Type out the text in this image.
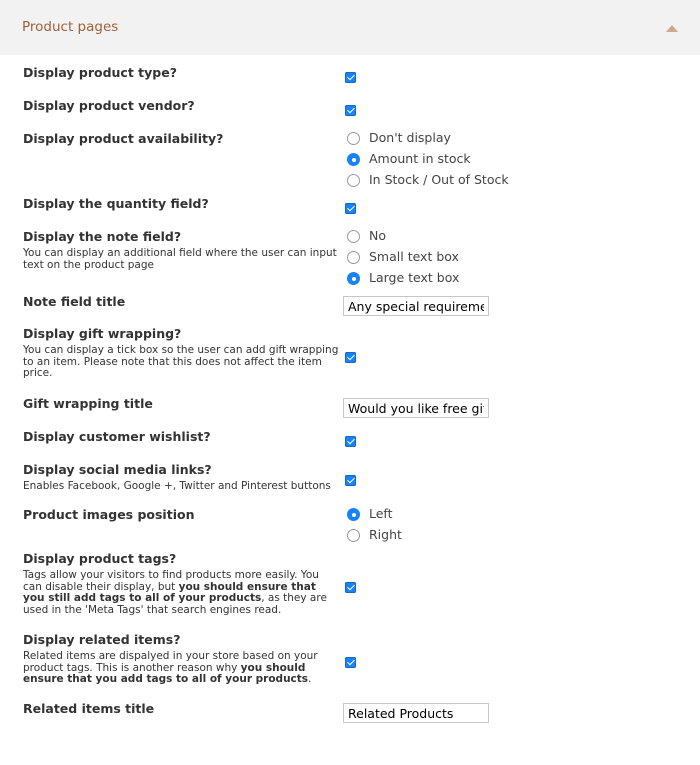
Product pages
Display product type?
Display product vendor?
Display product availability?	Don't display
Amount in stock
In Stock / Out of Stock
Display the quantity field?
Display the note field?
You can display an additional field where the user can input text on the product page
No
Small text box
Large text box
Note field title
Any special requirements?
Display gift wrapping?
You can display a tick box so the user can add gift wrapping to an item. Please note that this does not affect the item price.
Gift wrapping title
Would you like free gift wrapping?
Display customer wishlist?
Display social media links?
Enables Facebook, Google +, Twitter and Pinterest buttons
Product images position	Left
Right
Display product tags?
Tags allow your visitors to find products more easily. You can disable their display, but you should ensure that you still add tags to all of your products, as they are used in the 'Meta Tags' that search engines read.
Display related items?
Related items are dispalyed in your store based on your product tags. This is another reason why you should ensure that you add tags to all of your products.
Related items title
Related Products
